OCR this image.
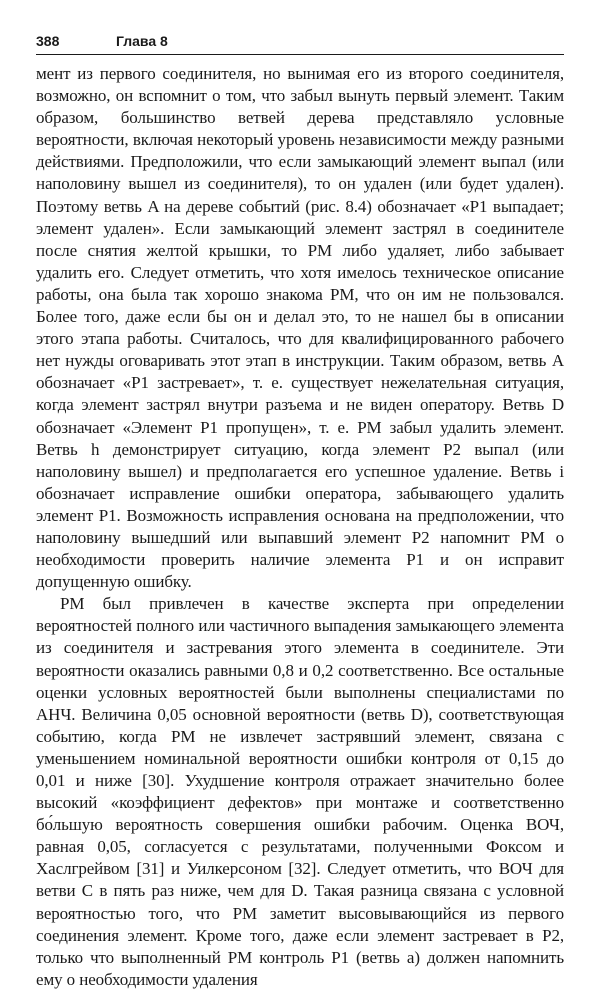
388	Глава 8

мент из первого соединителя, но вынимая его из второго соединителя, возможно, он вспомнит о том, что забыл вынуть первый элемент. Таким образом, большинство ветвей дерева представляло условные вероятности, включая некоторый уровень независимости между разными действиями. Предположили, что если замыкающий элемент выпал (или наполовину вышел из соединителя), то он удален (или будет удален). Поэтому ветвь A на дереве событий (рис. 8.4) обозначает «P1 выпадает; элемент удален». Если замыкающий элемент застрял в соединителе после снятия желтой крышки, то РМ либо удаляет, либо забывает удалить его. Следует отметить, что хотя имелось техническое описание работы, она была так хорошо знакома РМ, что он им не пользовался. Более того, даже если бы он и делал это, то не нашел бы в описании этого этапа работы. Считалось, что для квалифицированного рабочего нет нужды оговаривать этот этап в инструкции. Таким образом, ветвь A обозначает «P1 застревает», т. е. существует нежелательная ситуация, когда элемент застрял внутри разъема и не виден оператору. Ветвь D обозначает «Элемент P1 пропущен», т. е. РМ забыл удалить элемент. Ветвь h демонстрирует ситуацию, когда элемент P2 выпал (или наполовину вышел) и предполагается его успешное удаление. Ветвь i обозначает исправление ошибки оператора, забывающего удалить элемент P1. Возможность исправления основана на предположении, что наполовину вышедший или выпавший элемент P2 напомнит РМ о необходимости проверить наличие элемента P1 и он исправит допущенную ошибку.

РМ был привлечен в качестве эксперта при определении вероятностей полного или частичного выпадения замыкающего элемента из соединителя и застревания этого элемента в соединителе. Эти вероятности оказались равными 0,8 и 0,2 соответственно. Все остальные оценки условных вероятностей были выполнены специалистами по АНЧ. Величина 0,05 основной вероятности (ветвь D), соответствующая событию, когда РМ не извлечет застрявший элемент, связана с уменьшением номинальной вероятности ошибки контроля от 0,15 до 0,01 и ниже [30]. Ухудшение контроля отражает значительно более высокий «коэффициент дефектов» при монтаже и соответственно бо́льшую вероятность совершения ошибки рабочим. Оценка ВОЧ, равная 0,05, согласуется с результатами, полученными Фоксом и Хаслгрейвом [31] и Уилкерсоном [32]. Следует отметить, что ВОЧ для ветви C в пять раз ниже, чем для D. Такая разница связана с условной вероятностью того, что РМ заметит высовывающийся из первого соединения элемент. Кроме того, даже если элемент застревает в P2, только что выполненный РМ контроль P1 (ветвь a) должен напомнить ему о необходимости удаления
